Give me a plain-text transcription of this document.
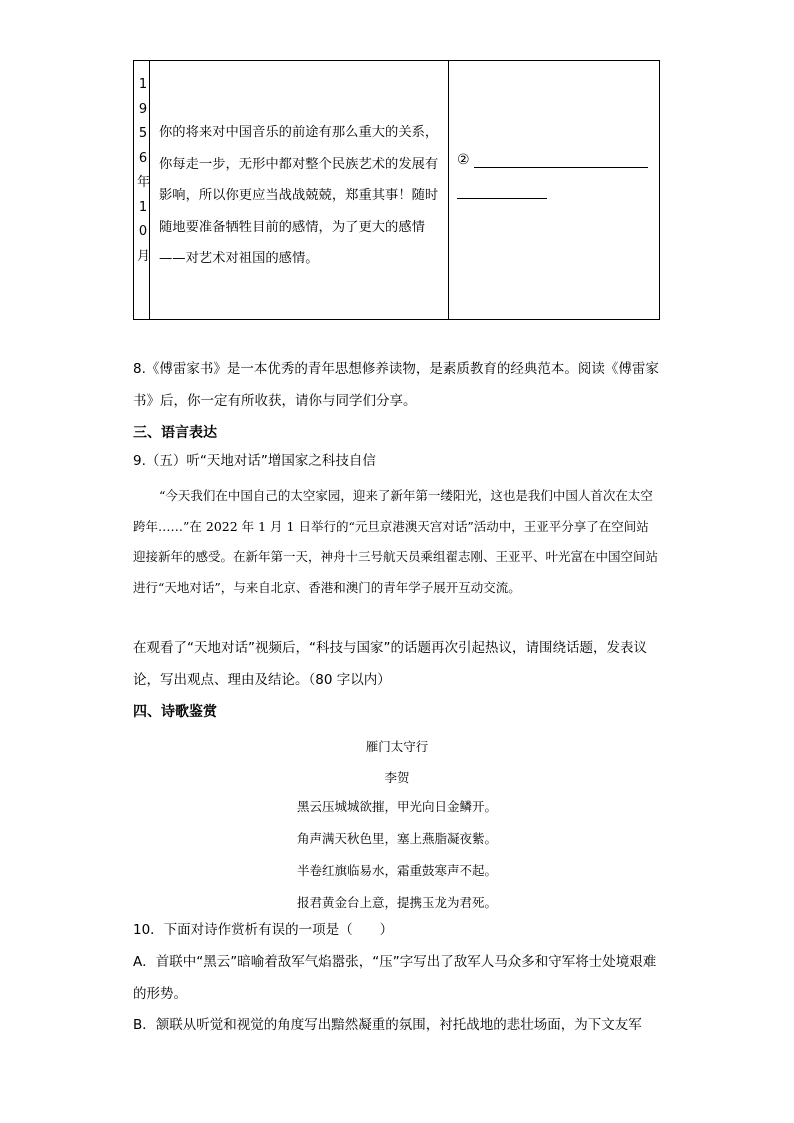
1
9
5
6
年
1
0
月
你的将来对中国音乐的前途有那么重大的关系，你每走一步，无形中都对整个民族艺术的发展有影响，所以你更应当战战兢兢，郑重其事！随时随地要准备牺牲目前的感情，为了更大的感情——对艺术对祖国的感情。
②
8.《傅雷家书》是一本优秀的青年思想修养读物，是素质教育的经典范本。阅读《傅雷家书》后，你一定有所收获，请你与同学们分享。
三、语言表达
9.（五）听“天地对话”增国家之科技自信
“今天我们在中国自己的太空家园，迎来了新年第一缕阳光，这也是我们中国人首次在太空跨年……”在 2022 年 1 月 1 日举行的“元旦京港澳天宫对话”活动中，王亚平分享了在空间站迎接新年的感受。在新年第一天，神舟十三号航天员乘组翟志刚、王亚平、叶光富在中国空间站进行“天地对话”，与来自北京、香港和澳门的青年学子展开互动交流。
在观看了“天地对话”视频后，“科技与国家”的话题再次引起热议，请围绕话题，发表议论，写出观点、理由及结论。（80 字以内）
四、诗歌鉴赏
雁门太守行
李贺
黑云压城城欲摧，甲光向日金鳞开。
角声满天秋色里，塞上燕脂凝夜紫。
半卷红旗临易水，霜重鼓寒声不起。
报君黄金台上意，提携玉龙为君死。
10．下面对诗作赏析有误的一项是（　　）
A．首联中“黑云”暗喻着敌军气焰嚣张，“压”字写出了敌军人马众多和守军将士处境艰难的形势。
B．颔联从听觉和视觉的角度写出黯然凝重的氛围，衬托战地的悲壮场面，为下文友军
